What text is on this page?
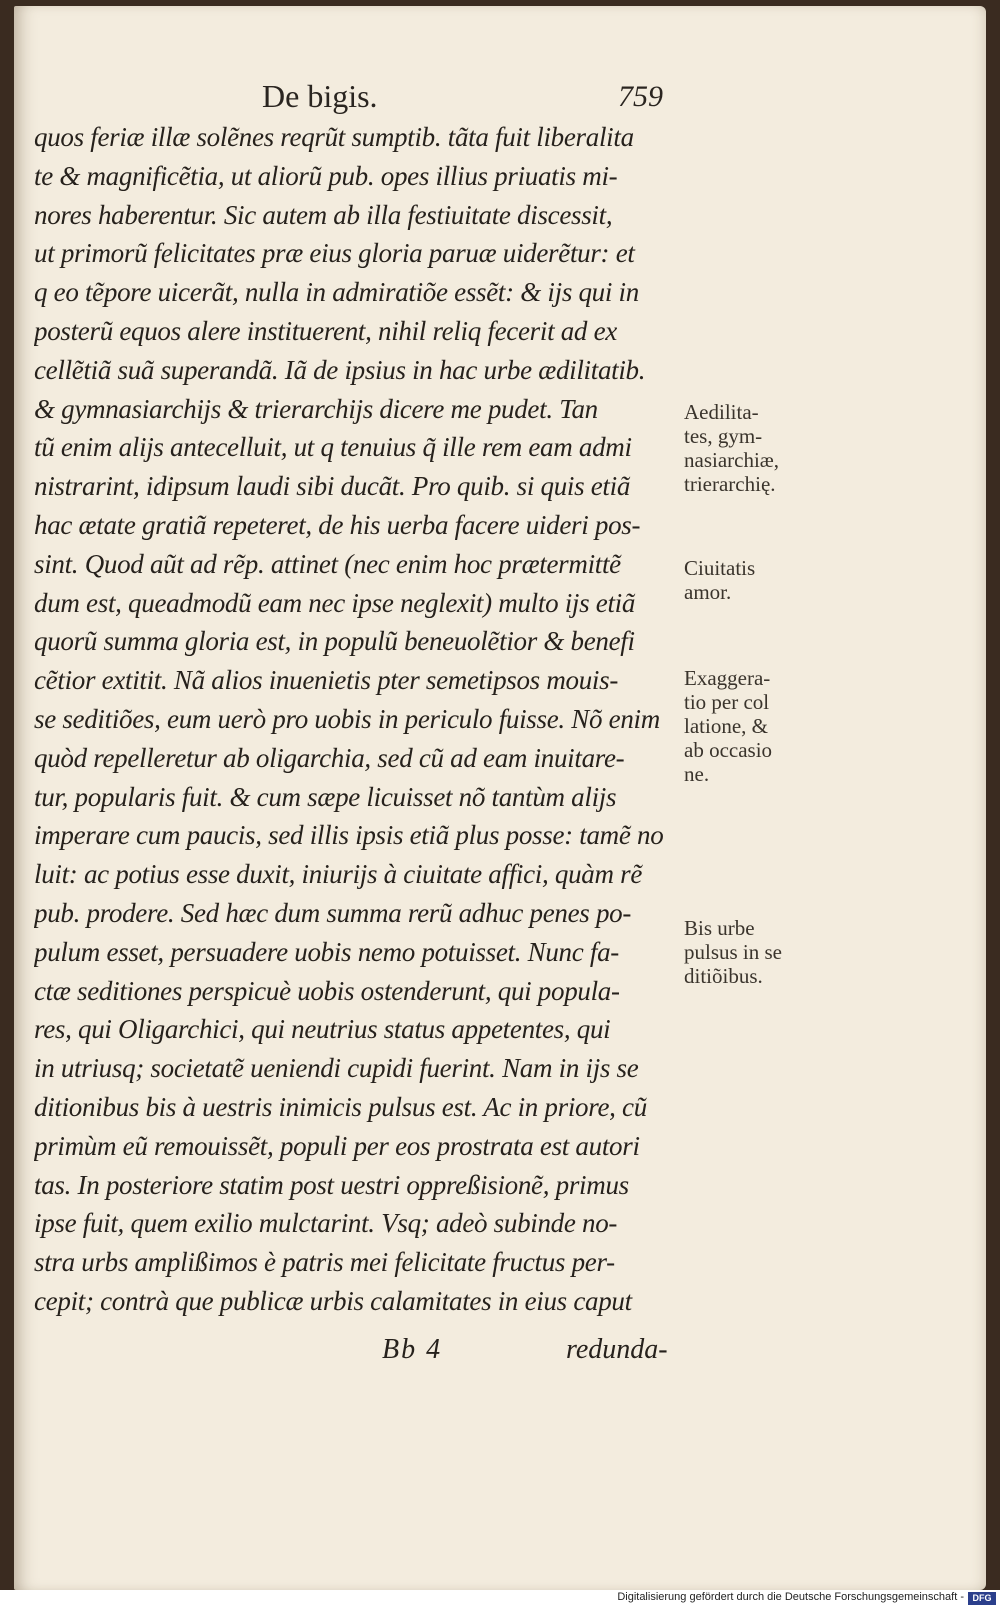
De bigis.	759
quos feriæ illæ solẽnes reqrũt sumptib. tãta fuit liberalita
te & magnificẽtia, ut aliorũ pub. opes illius priuatis mi-
nores haberentur. Sic autem ab illa festiuitate discessit,
ut primorũ felicitates præ eius gloria paruæ uiderẽtur: et
q eo tẽpore uicerãt, nulla in admiratiõe essẽt: & ijs qui in
posterũ equos alere instituerent, nihil reliq fecerit ad ex
cellẽtiã suã superandã. Iã de ipsius in hac urbe ædilitatib.
& gymnasiarchijs & trierarchijs dicere me pudet. Tan
tũ enim alijs antecelluit, ut q tenuius q̃ ille rem eam admi
nistrarint, idipsum laudi sibi ducãt. Pro quib. si quis etiã
hac ætate gratiã repeteret, de his uerba facere uideri pos-
sint. Quod aũt ad rẽp. attinet (nec enim hoc prætermittẽ
dum est, queadmodũ eam nec ipse neglexit) multo ijs etiã
quorũ summa gloria est, in populũ beneuolẽtior & benefi
cẽtior extitit. Nã alios inuenietis pter semetipsos mouis-
se seditiões, eum uerò pro uobis in periculo fuisse. Nõ enim
quòd repelleretur ab oligarchia, sed cũ ad eam inuitare-
tur, popularis fuit. & cum sæpe licuisset nõ tantùm alijs
imperare cum paucis, sed illis ipsis etiã plus posse: tamẽ no
luit: ac potius esse duxit, iniurijs à ciuitate affici, quàm rẽ
pub. prodere. Sed hæc dum summa rerũ adhuc penes po-
pulum esset, persuadere uobis nemo potuisset. Nunc fa-
ctæ seditiones perspicuè uobis ostenderunt, qui popula-
res, qui Oligarchici, qui neutrius status appetentes, qui
in utriusq; societatẽ ueniendi cupidi fuerint. Nam in ijs se
ditionibus bis à uestris inimicis pulsus est. Ac in priore, cũ
primùm eũ remouissẽt, populi per eos prostrata est autori
tas. In posteriore statim post uestri oppreßisionẽ, primus
ipse fuit, quem exilio mulctarint. Vsq; adeò subinde no-
stra urbs amplißimos è patris mei felicitate fructus per-
cepit; contrà que publicæ urbis calamitates in eius caput
Aedilita-
tes, gym-
nasiarchiæ,
trierarchię.
Ciuitatis
amor.
Exaggera-
tio per col
latione, &
ab occasio
ne.
Bis urbe
pulsus in se
ditiõibus.
Bb 4	redunda-
Digitalisierung gefördert durch die Deutsche Forschungsgemeinschaft - DFG
